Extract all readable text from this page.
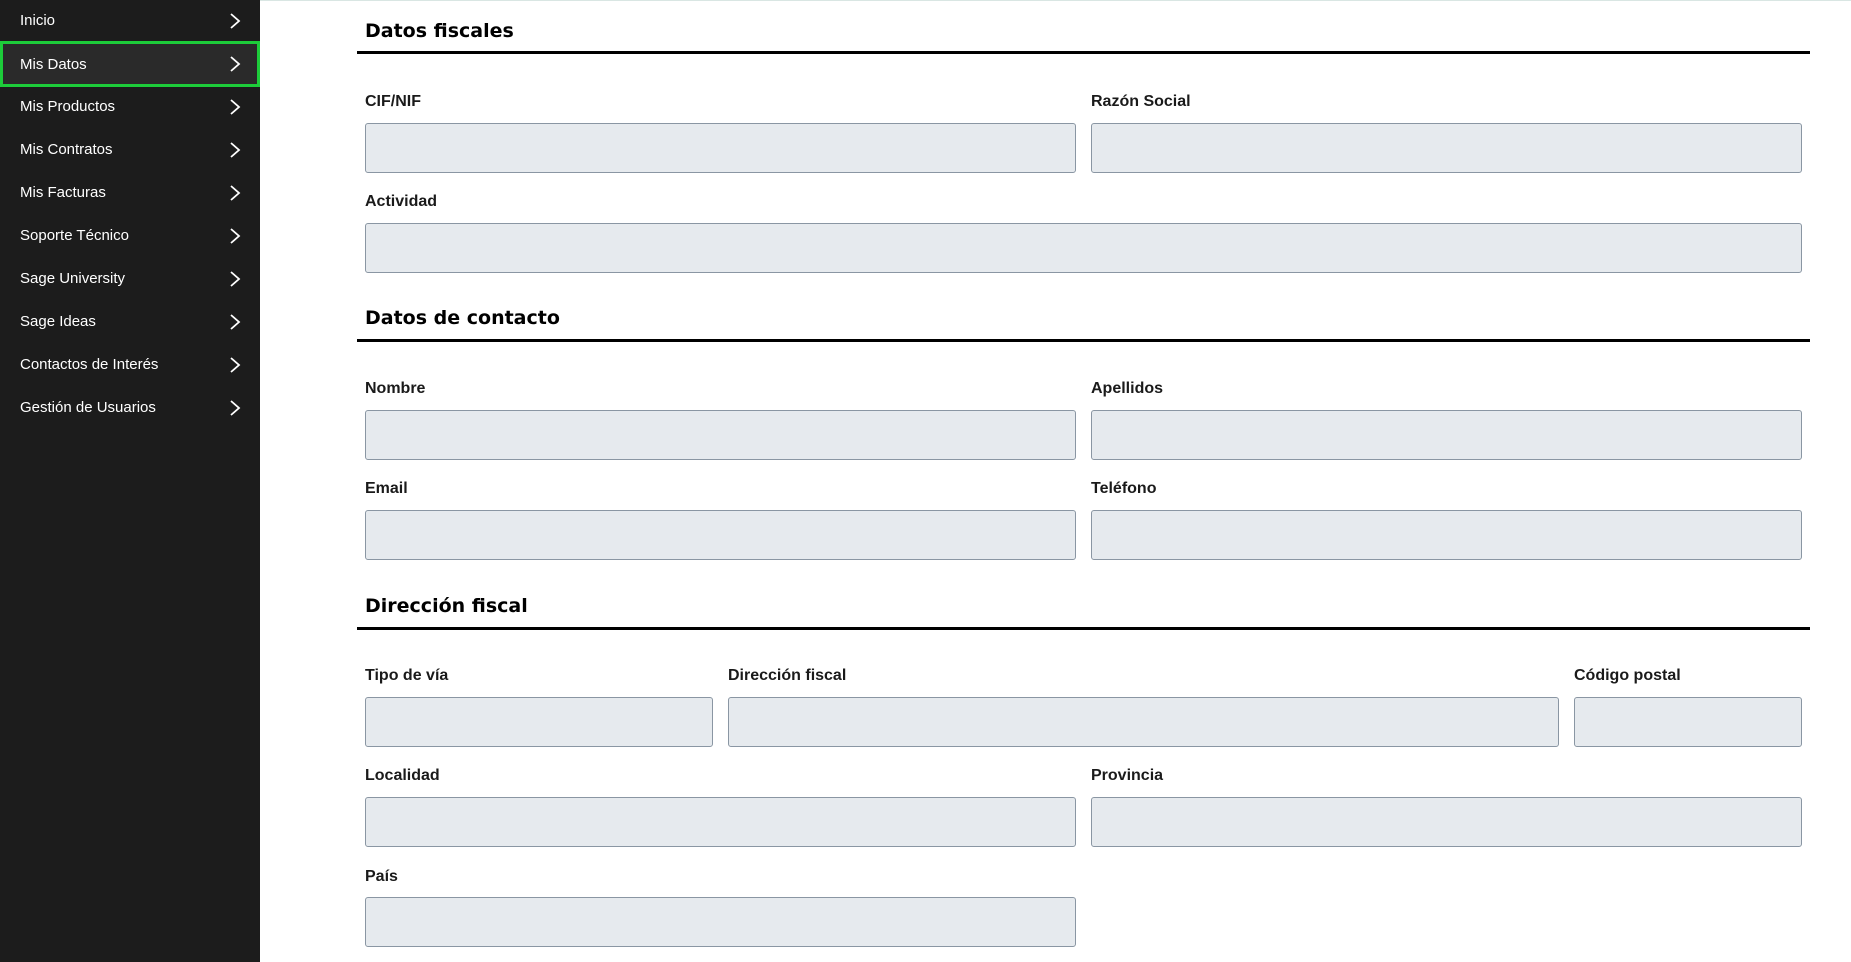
Inicio
Mis Datos
Mis Productos
Mis Contratos
Mis Facturas
Soporte Técnico
Sage University
Sage Ideas
Contactos de Interés
Gestión de Usuarios
Datos fiscales
CIF/NIF	Razón Social
Actividad
Datos de contacto
Nombre	Apellidos
Email	Teléfono
Dirección fiscal
Tipo de vía	Dirección fiscal	Código postal
Localidad	Provincia
País
